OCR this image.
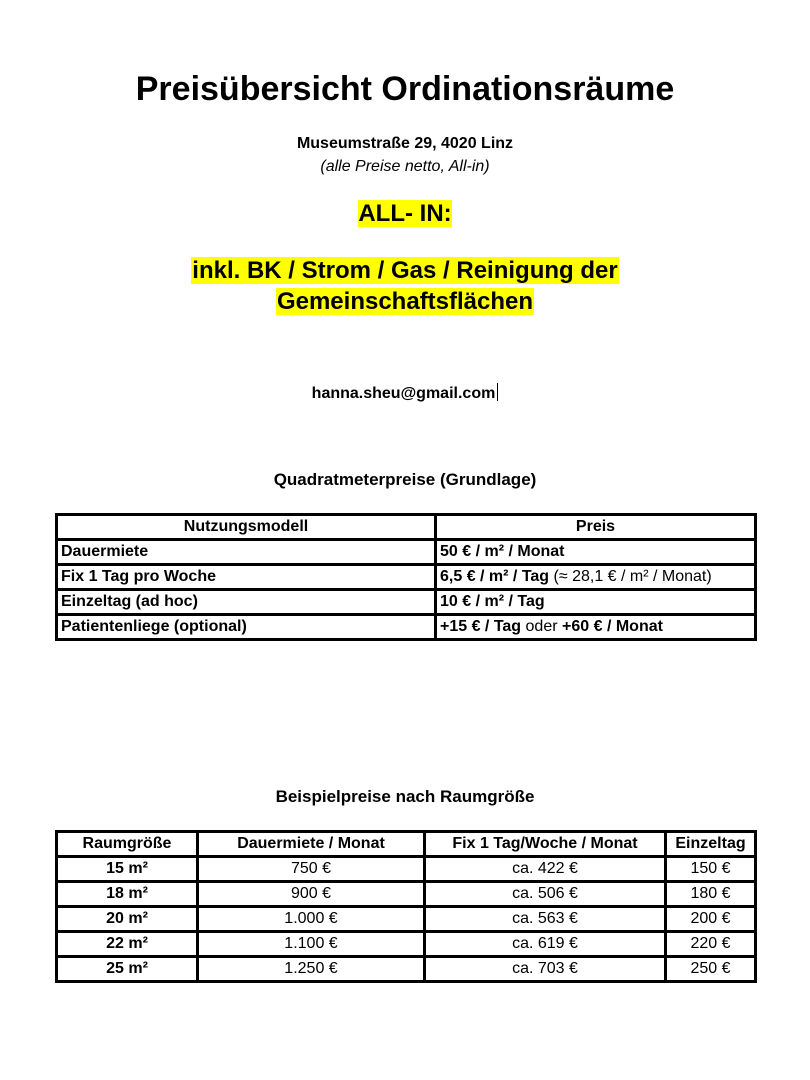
Preisübersicht Ordinationsräume
Museumstraße 29, 4020 Linz
(alle Preise netto, All-in)
ALL- IN:
inkl. BK / Strom / Gas / Reinigung der
Gemeinschaftsflächen
hanna.sheu@gmail.com
Quadratmeterpreise (Grundlage)
Nutzungsmodell	Preis
Dauermiete	50 € / m² / Monat
Fix 1 Tag pro Woche	6,5 € / m² / Tag (≈ 28,1 € / m² / Monat)
Einzeltag (ad hoc)	10 € / m² / Tag
Patientenliege (optional)	+15 € / Tag oder +60 € / Monat
Beispielpreise nach Raumgröße
Raumgröße	Dauermiete / Monat	Fix 1 Tag/Woche / Monat	Einzeltag
15 m²	750 €	ca. 422 €	150 €
18 m²	900 €	ca. 506 €	180 €
20 m²	1.000 €	ca. 563 €	200 €
22 m²	1.100 €	ca. 619 €	220 €
25 m²	1.250 €	ca. 703 €	250 €
